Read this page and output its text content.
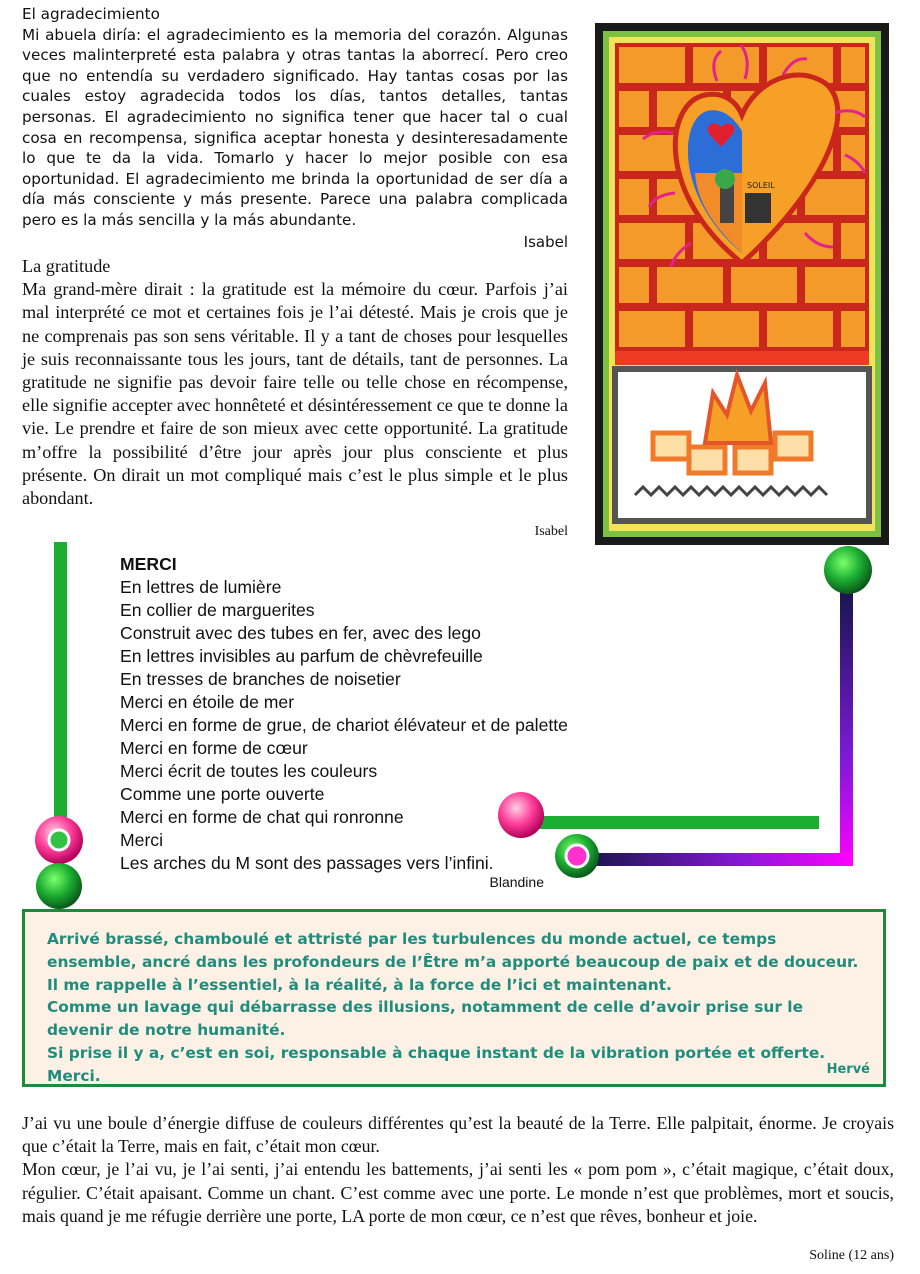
El agradecimiento

Mi abuela diría: el agradecimiento es la memoria del corazón. Algunas veces malinterpreté esta palabra y otras tantas la aborrecí. Pero creo que no entendía su verdadero significado. Hay tantas cosas por las cuales estoy agradecida todos los días, tantos detalles, tantas personas. El agradecimiento no significa tener que hacer tal o cual cosa en recompensa, significa aceptar honesta y desinteresadamente lo que te da la vida. Tomarlo y hacer lo mejor posible con esa oportunidad. El agradecimiento me brinda la oportunidad de ser día a día más consciente y más presente. Parece una palabra complicada pero es la más sencilla y la más abundante.

Isabel

La gratitude

Ma grand-mère dirait : la gratitude est la mémoire du cœur. Parfois j’ai mal interprété ce mot et certaines fois je l’ai détesté. Mais je crois que je ne comprenais pas son sens véritable. Il y a tant de choses pour lesquelles je suis reconnaissante tous les jours, tant de détails, tant de personnes. La gratitude ne signifie pas devoir faire telle ou telle chose en récompense, elle signifie accepter avec honnêteté et désintéressement ce que te donne la vie. Le prendre et faire de son mieux avec cette opportunité. La gratitude m’offre la possibilité d’être jour après jour plus consciente et plus présente. On dirait un mot compliqué mais c’est le plus simple et le plus abondant.

Isabel
SOLEIL
MERCI
En lettres de lumière
En collier de marguerites
Construit avec des tubes en fer, avec des lego
En lettres invisibles au parfum de chèvrefeuille
En tresses de branches de noisetier
Merci en étoile de mer
Merci en forme de grue, de chariot élévateur et de palette
Merci en forme de cœur
Merci écrit de toutes les couleurs
Comme une porte ouverte
Merci en forme de chat qui ronronne
Merci
Les arches du M sont des passages vers l’infini.
Blandine

Arrivé brassé, chamboulé et attristé par les turbulences du monde actuel, ce temps ensemble, ancré dans les profondeurs de l’Être m’a apporté beaucoup de paix et de douceur. Il me rappelle à l’essentiel, à la réalité, à la force de l’ici et maintenant.

Comme un lavage qui débarrasse des illusions, notamment de celle d’avoir prise sur le devenir de notre humanité.

Si prise il y a, c’est en soi, responsable à chaque instant de la vibration portée et offerte. Merci.	Hervé

J’ai vu une boule d’énergie diffuse de couleurs différentes qu’est la beauté de la Terre. Elle palpitait, énorme. Je croyais que c’était la Terre, mais en fait, c’était mon cœur.

Mon cœur, je l’ai vu, je l’ai senti, j’ai entendu les battements, j’ai senti les « pom pom », c’était magique, c’était doux, régulier. C’était apaisant. Comme un chant. C’est comme avec une porte. Le monde n’est que problèmes, mort et soucis, mais quand je me réfugie derrière une porte, LA porte de mon cœur, ce n’est que rêves, bonheur et joie.

Soline (12 ans)
